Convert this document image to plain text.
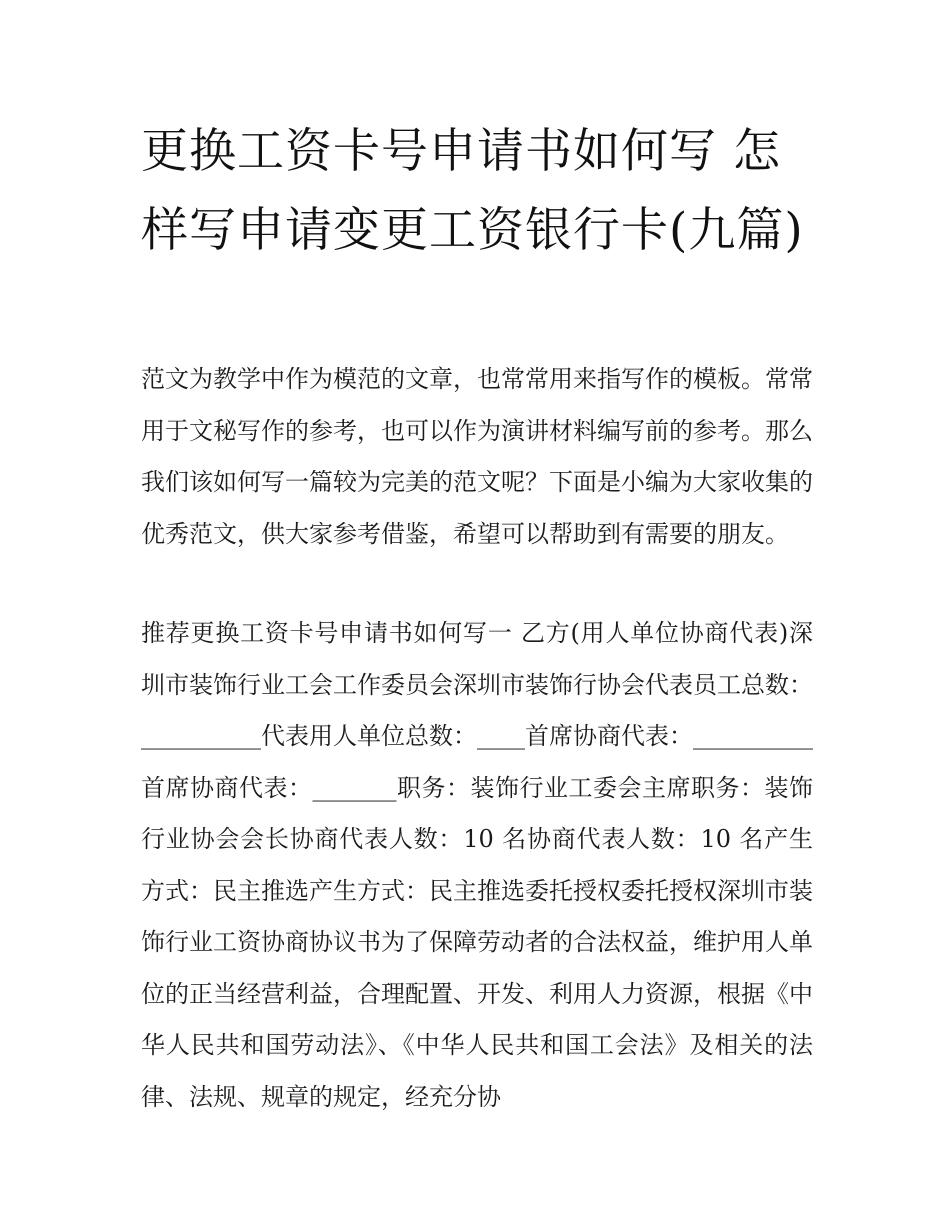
更换工资卡号申请书如何写 怎样写申请变更工资银行卡(九篇)

范文为教学中作为模范的文章，也常常用来指写作的模板。常常用于文秘写作的参考，也可以作为演讲材料编写前的参考。那么我们该如何写一篇较为完美的范文呢？下面是小编为大家收集的优秀范文，供大家参考借鉴，希望可以帮助到有需要的朋友。

推荐更换工资卡号申请书如何写一 乙方(用人单位协商代表)深圳市装饰行业工会工作委员会深圳市装饰行协会代表员工总数：__________代表用人单位总数：____首席协商代表：__________首席协商代表：_______职务：装饰行业工委会主席职务：装饰行业协会会长协商代表人数：10 名协商代表人数：10 名产生方式：民主推选产生方式：民主推选委托授权委托授权深圳市装饰行业工资协商协议书为了保障劳动者的合法权益，维护用人单位的正当经营利益，合理配置、开发、利用人力资源，根据《中华人民共和国劳动法》、《中华人民共和国工会法》及相关的法律、法规、规章的规定，经充分协
